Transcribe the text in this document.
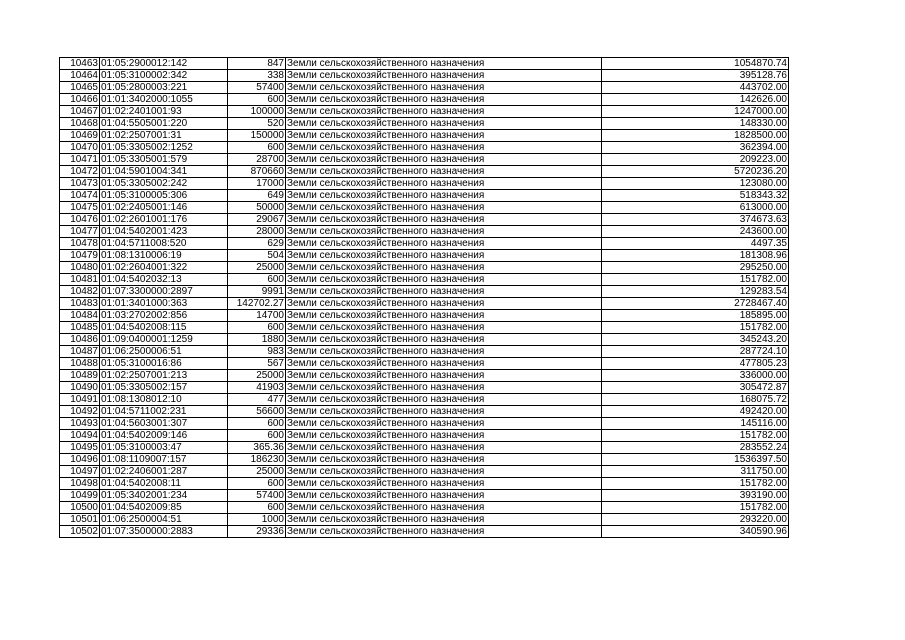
10463	01:05:2900012:142	847	Земли сельскохозяйственного назначения	1054870.74
10464	01:05:3100002:342	338	Земли сельскохозяйственного назначения	395128.76
10465	01:05:2800003:221	57400	Земли сельскохозяйственного назначения	443702.00
10466	01:01:3402000:1055	600	Земли сельскохозяйственного назначения	142626.00
10467	01:02:2401001:93	100000	Земли сельскохозяйственного назначения	1247000.00
10468	01:04:5505001:220	520	Земли сельскохозяйственного назначения	148330.00
10469	01:02:2507001:31	150000	Земли сельскохозяйственного назначения	1828500.00
10470	01:05:3305002:1252	600	Земли сельскохозяйственного назначения	362394.00
10471	01:05:3305001:579	28700	Земли сельскохозяйственного назначения	209223.00
10472	01:04:5901004:341	870660	Земли сельскохозяйственного назначения	5720236.20
10473	01:05:3305002:242	17000	Земли сельскохозяйственного назначения	123080.00
10474	01:05:3100005:306	649	Земли сельскохозяйственного назначения	518343.32
10475	01:02:2405001:146	50000	Земли сельскохозяйственного назначения	613000.00
10476	01:02:2601001:176	29067	Земли сельскохозяйственного назначения	374673.63
10477	01:04:5402001:423	28000	Земли сельскохозяйственного назначения	243600.00
10478	01:04:5711008:520	629	Земли сельскохозяйственного назначения	4497.35
10479	01:08:1310006:19	504	Земли сельскохозяйственного назначения	181308.96
10480	01:02:2604001:322	25000	Земли сельскохозяйственного назначения	295250.00
10481	01:04:5402032:13	600	Земли сельскохозяйственного назначения	151782.00
10482	01:07:3300000:2897	9991	Земли сельскохозяйственного назначения	129283.54
10483	01:01:3401000:363	142702.27	Земли сельскохозяйственного назначения	2728467.40
10484	01:03:2702002:856	14700	Земли сельскохозяйственного назначения	185895.00
10485	01:04:5402008:115	600	Земли сельскохозяйственного назначения	151782.00
10486	01:09:0400001:1259	1880	Земли сельскохозяйственного назначения	345243.20
10487	01:06:2500006:51	983	Земли сельскохозяйственного назначения	287724.10
10488	01:05:3100016:86	567	Земли сельскохозяйственного назначения	477805.23
10489	01:02:2507001:213	25000	Земли сельскохозяйственного назначения	336000.00
10490	01:05:3305002:157	41903	Земли сельскохозяйственного назначения	305472.87
10491	01:08:1308012:10	477	Земли сельскохозяйственного назначения	168075.72
10492	01:04:5711002:231	56600	Земли сельскохозяйственного назначения	492420.00
10493	01:04:5603001:307	600	Земли сельскохозяйственного назначения	145116.00
10494	01:04:5402009:146	600	Земли сельскохозяйственного назначения	151782.00
10495	01:05:3100003:47	365.36	Земли сельскохозяйственного назначения	283552.24
10496	01:08:1109007:157	186230	Земли сельскохозяйственного назначения	1536397.50
10497	01:02:2406001:287	25000	Земли сельскохозяйственного назначения	311750.00
10498	01:04:5402008:11	600	Земли сельскохозяйственного назначения	151782.00
10499	01:05:3402001:234	57400	Земли сельскохозяйственного назначения	393190.00
10500	01:04:5402009:85	600	Земли сельскохозяйственного назначения	151782.00
10501	01:06:2500004:51	1000	Земли сельскохозяйственного назначения	293220.00
10502	01:07:3500000:2883	29336	Земли сельскохозяйственного назначения	340590.96
